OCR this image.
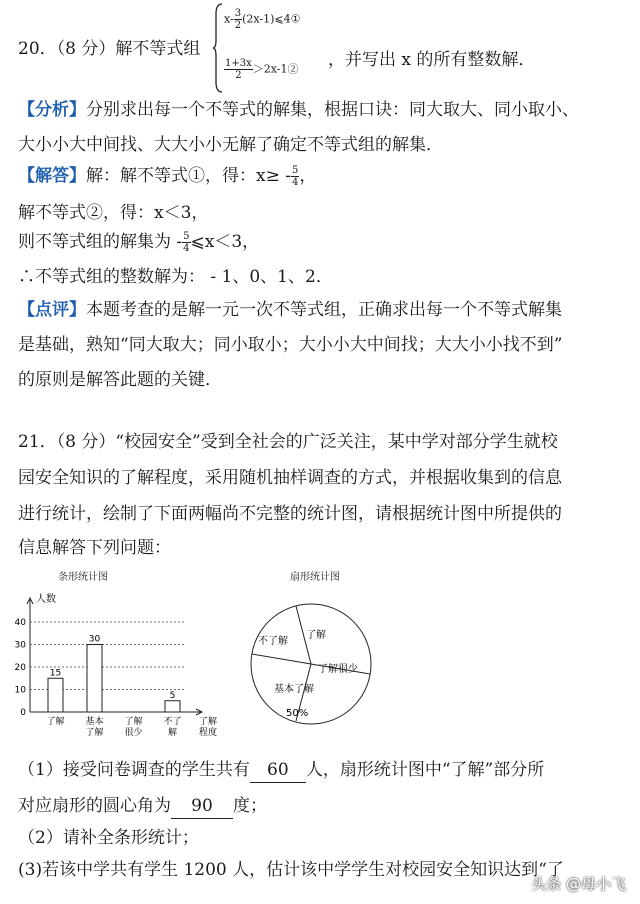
20．（8 分）解不等式组
$x- \frac{3}{2}$ (2x-1)⩽4①
$\frac{1+3x}{2}$ ＞2x-1② ，并写出 x 的所有整数解．
【分析】分别求出每一个不等式的解集，根据口诀：同大取大、同小取小、
大小小大中间找、大大小小无解了确定不等式组的解集．
【解答】解：解不等式①，得：$x\ge - \frac{5}{4}$ ，
解不等式②，得：x＜3，
则不等式组的解集为 - $\frac{5}{4}$ ⩽x＜3，
∴不等式组的整数解为： - 1、0、1、2．
【点评】本题考查的是解一元一次不等式组，正确求出每一个不等式解集
是基础，熟知“同大取大；同小取小；大小小大中间找；大大小小找不到”
的原则是解答此题的关键．
21．（8 分）“校园安全”受到全社会的广泛关注，某中学对部分学生就校
园安全知识的了解程度，采用随机抽样调查的方式，并根据收集到的信息
进行统计，绘制了下面两幅尚不完整的统计图，请根据统计图中所提供的
信息解答下列问题：
条形统计图
人数
0
10
20
30
40
15
了解
30
基本
了解
了解
很少
5
不了
解
了解
程度
扇形统计图
不了解
了解
了解很少
基本了解
50%
（1）接受问卷调查的学生共有 60 人，扇形统计图中“了解”部分所
对应扇形的圆心角为 90 度；
（2）请补全条形统计；
(3)若该中学共有学生 1200 人，估计该中学学生对校园安全知识达到“了
头条 @母小飞
